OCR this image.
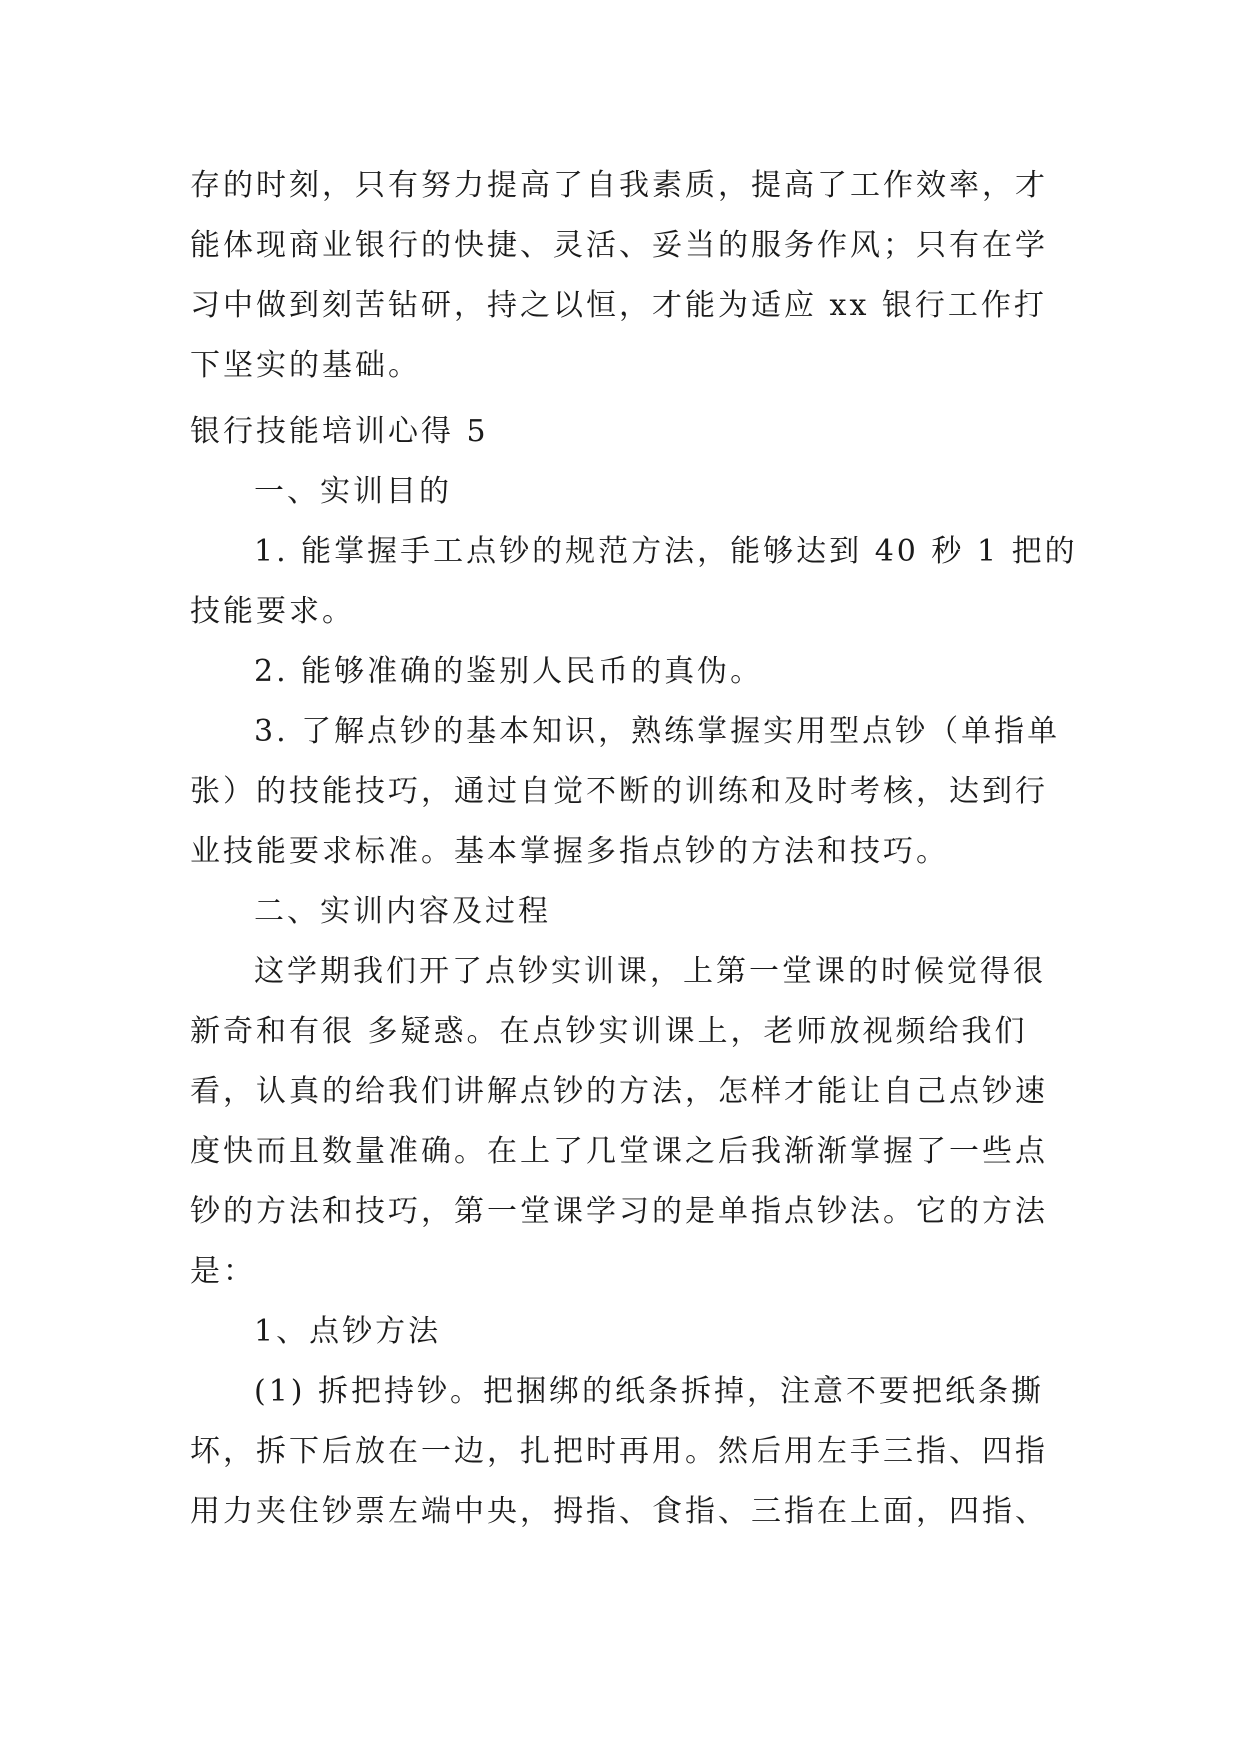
存的时刻，只有努力提高了自我素质，提高了工作效率，才
能体现商业银行的快捷、灵活、妥当的服务作风；只有在学
习中做到刻苦钻研，持之以恒，才能为适应 xx 银行工作打
下坚实的基础。
银行技能培训心得 5
一、实训目的
1. 能掌握手工点钞的规范方法，能够达到 40 秒 1 把的
技能要求。
2. 能够准确的鉴别人民币的真伪。
3. 了解点钞的基本知识，熟练掌握实用型点钞（单指单
张）的技能技巧，通过自觉不断的训练和及时考核，达到行
业技能要求标准。基本掌握多指点钞的方法和技巧。
二、实训内容及过程
这学期我们开了点钞实训课，上第一堂课的时候觉得很
新奇和有很 多疑惑。在点钞实训课上，老师放视频给我们
看，认真的给我们讲解点钞的方法，怎样才能让自己点钞速
度快而且数量准确。在上了几堂课之后我渐渐掌握了一些点
钞的方法和技巧，第一堂课学习的是单指点钞法。它的方法
是：
1、点钞方法
(1) 拆把持钞。把捆绑的纸条拆掉，注意不要把纸条撕
坏，拆下后放在一边，扎把时再用。然后用左手三指、四指
用力夹住钞票左端中央，拇指、食指、三指在上面，四指、
